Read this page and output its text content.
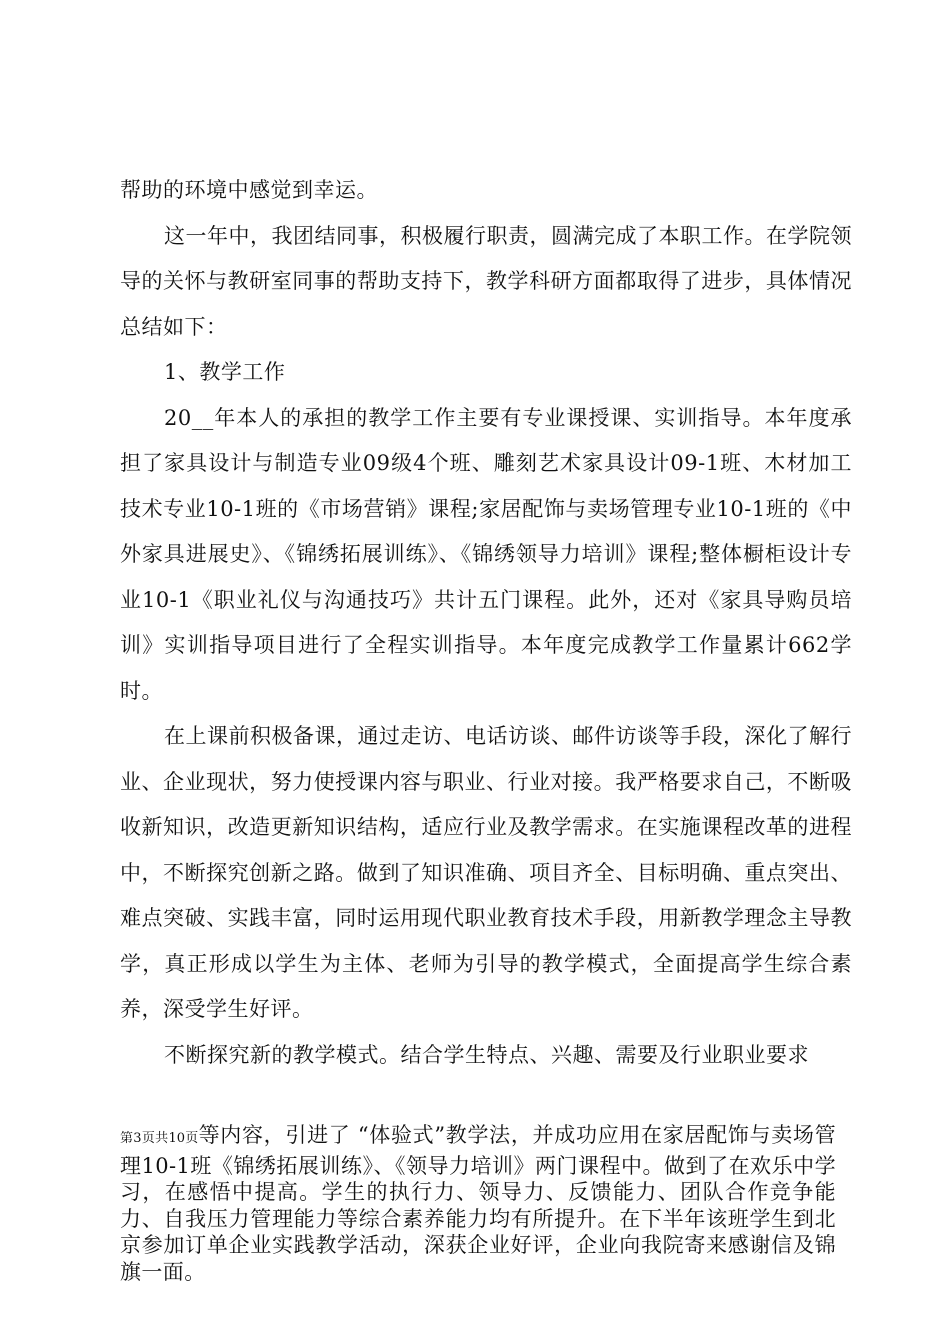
帮助的环境中感觉到幸运。

这一年中，我团结同事，积极履行职责，圆满完成了本职工作。在学院领导的关怀与教研室同事的帮助支持下，教学科研方面都取得了进步，具体情况总结如下：

1、教学工作

20__年本人的承担的教学工作主要有专业课授课、实训指导。本年度承担了家具设计与制造专业09级4个班、雕刻艺术家具设计09-1班、木材加工技术专业10-1班的《市场营销》课程;家居配饰与卖场管理专业10-1班的《中外家具进展史》、《锦绣拓展训练》、《锦绣领导力培训》课程;整体橱柜设计专业10-1《职业礼仪与沟通技巧》共计五门课程。此外，还对《家具导购员培训》实训指导项目进行了全程实训指导。本年度完成教学工作量累计662学时。

在上课前积极备课，通过走访、电话访谈、邮件访谈等手段，深化了解行业、企业现状，努力使授课内容与职业、行业对接。我严格要求自己，不断吸收新知识，改造更新知识结构，适应行业及教学需求。在实施课程改革的进程中，不断探究创新之路。做到了知识准确、项目齐全、目标明确、重点突出、难点突破、实践丰富，同时运用现代职业教育技术手段，用新教学理念主导教学，真正形成以学生为主体、老师为引导的教学模式，全面提高学生综合素养，深受学生好评。

不断探究新的教学模式。结合学生特点、兴趣、需要及行业职业要求

第3页共10页等内容，引进了 “体验式”教学法，并成功应用在家居配饰与卖场管理10-1班《锦绣拓展训练》、《领导力培训》两门课程中。做到了在欢乐中学习，在感悟中提高。学生的执行力、领导力、反馈能力、团队合作竞争能力、自我压力管理能力等综合素养能力均有所提升。在下半年该班学生到北京参加订单企业实践教学活动，深获企业好评，企业向我院寄来感谢信及锦旗一面。
